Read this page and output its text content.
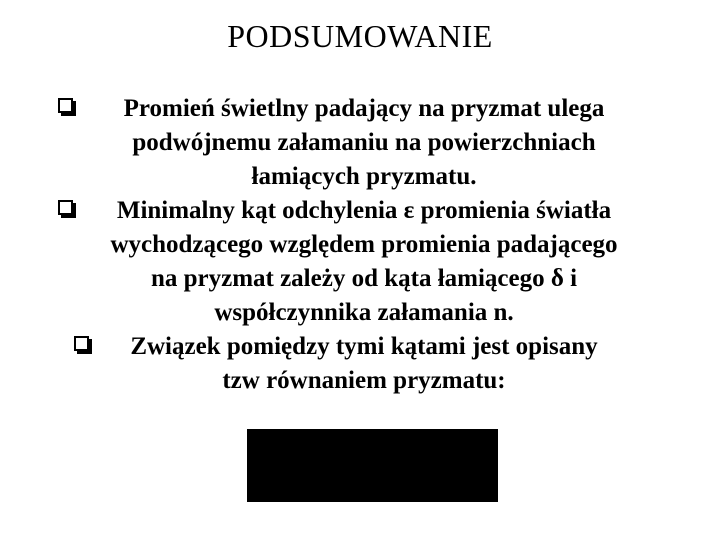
PODSUMOWANIE
Promień świetlny padający na pryzmat ulega
podwójnemu załamaniu na powierzchniach
łamiących pryzmatu.
Minimalny kąt odchylenia ε promienia światła
wychodzącego względem promienia padającego
na pryzmat zależy od kąta łamiącego δ i
współczynnika załamania n.
Związek pomiędzy tymi kątami jest opisany
tzw równaniem pryzmatu:
